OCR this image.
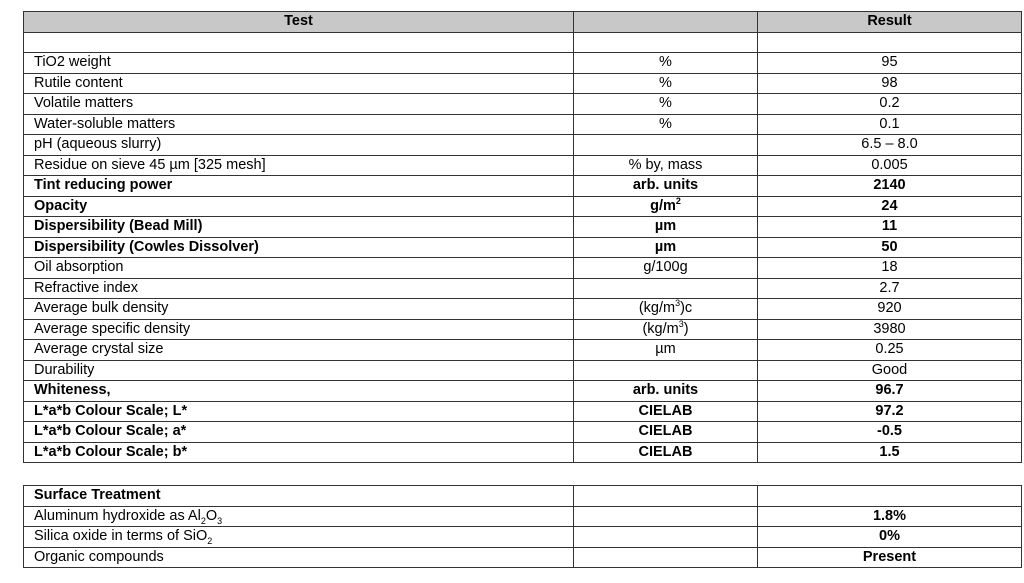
Test		Result

TiO2 weight	%	95
Rutile content	%	98
Volatile matters	%	0.2
Water-soluble matters	%	0.1
pH (aqueous slurry)		6.5 – 8.0
Residue on sieve 45 µm [325 mesh]	% by, mass	0.005
Tint reducing power	arb. units	2140
Opacity	$g/m^2$	24
Dispersibility (Bead Mill)	µm	11
Dispersibility (Cowles Dissolver)	µm	50
Oil absorption	g/100g	18
Refractive index		2.7
Average bulk density	$(kg/m^3)c$	920
Average specific density	$(kg/m^3)$	3980
Average crystal size	µm	0.25
Durability		Good
Whiteness,	arb. units	96.7
L*a*b Colour Scale; L*	CIELAB	97.2
L*a*b Colour Scale; a*	CIELAB	-0.5
L*a*b Colour Scale; b*	CIELAB	1.5
Surface Treatment		
Aluminum hydroxide as $Al_2O_3$		1.8%
Silica oxide in terms of SiO$_2$		0%
Organic compounds		Present
